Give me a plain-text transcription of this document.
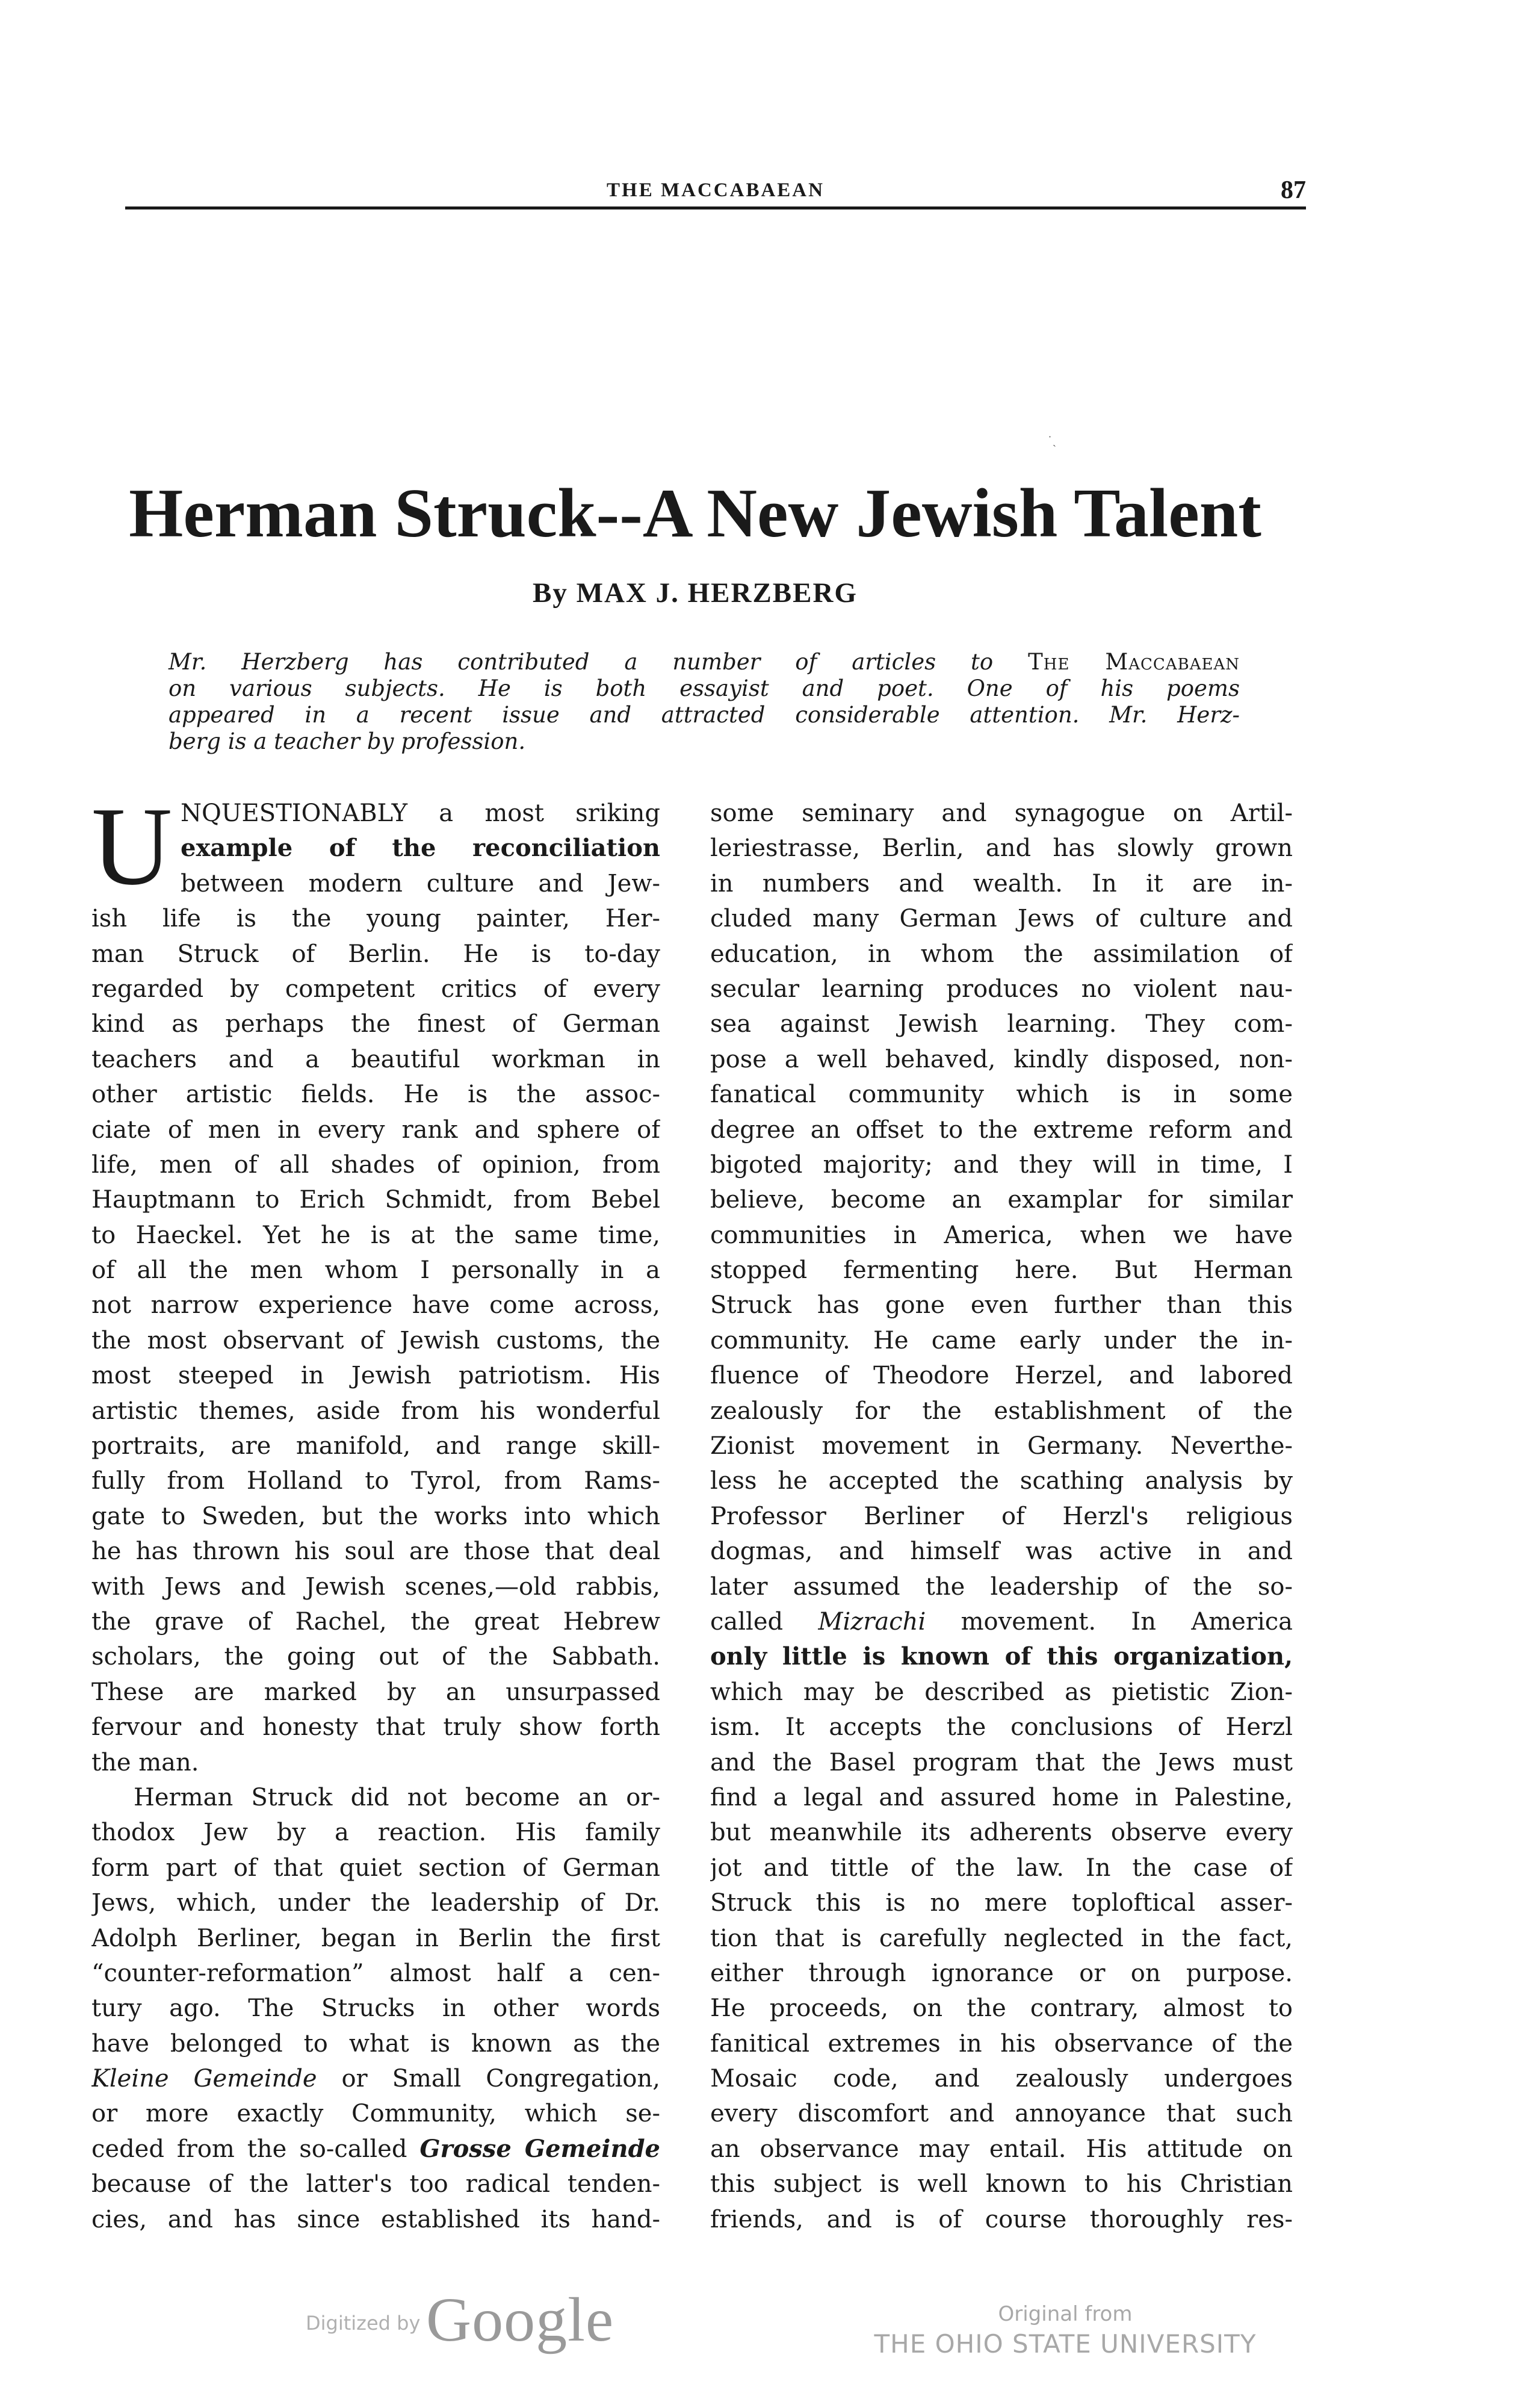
THE MACCABAEAN	87
˙ˏ
Herman Struck--A New Jewish Talent
By MAX J. HERZBERG
Mr. Herzberg has contributed a number of articles to The Maccabaean
on various subjects. He is both essayist and poet. One of his poems
appeared in a recent issue and attracted considerable attention. Mr. Herz-
berg is a teacher by profession.
U NQUESTIONABLY a most sriking
example of the reconciliation
between modern culture and Jew-
ish life is the young painter, Her-
man Struck of Berlin. He is to-day
regarded by competent critics of every
kind as perhaps the finest of German
teachers and a beautiful workman in
other artistic fields. He is the assoc-
ciate of men in every rank and sphere of
life, men of all shades of opinion, from
Hauptmann to Erich Schmidt, from Bebel
to Haeckel. Yet he is at the same time,
of all the men whom I personally in a
not narrow experience have come across,
the most observant of Jewish customs, the
most steeped in Jewish patriotism. His
artistic themes, aside from his wonderful
portraits, are manifold, and range skill-
fully from Holland to Tyrol, from Rams-
gate to Sweden, but the works into which
he has thrown his soul are those that deal
with Jews and Jewish scenes,—old rabbis,
the grave of Rachel, the great Hebrew
scholars, the going out of the Sabbath.
These are marked by an unsurpassed
fervour and honesty that truly show forth
the man.
Herman Struck did not become an or-
thodox Jew by a reaction. His family
form part of that quiet section of German
Jews, which, under the leadership of Dr.
Adolph Berliner, began in Berlin the first
“counter-reformation” almost half a cen-
tury ago. The Strucks in other words
have belonged to what is known as the
Kleine Gemeinde or Small Congregation,
or more exactly Community, which se-
ceded from the so-called Grosse Gemeinde
because of the latter's too radical tenden-
cies, and has since established its hand-
some seminary and synagogue on Artil-
leriestrasse, Berlin, and has slowly grown
in numbers and wealth. In it are in-
cluded many German Jews of culture and
education, in whom the assimilation of
secular learning produces no violent nau-
sea against Jewish learning. They com-
pose a well behaved, kindly disposed, non-
fanatical community which is in some
degree an offset to the extreme reform and
bigoted majority; and they will in time, I
believe, become an examplar for similar
communities in America, when we have
stopped fermenting here. But Herman
Struck has gone even further than this
community. He came early under the in-
fluence of Theodore Herzel, and labored
zealously for the establishment of the
Zionist movement in Germany. Neverthe-
less he accepted the scathing analysis by
Professor Berliner of Herzl's religious
dogmas, and himself was active in and
later assumed the leadership of the so-
called Mizrachi movement. In America
only little is known of this organization,
which may be described as pietistic Zion-
ism. It accepts the conclusions of Herzl
and the Basel program that the Jews must
find a legal and assured home in Palestine,
but meanwhile its adherents observe every
jot and tittle of the law. In the case of
Struck this is no mere toploftical asser-
tion that is carefully neglected in the fact,
either through ignorance or on purpose.
He proceeds, on the contrary, almost to
fanitical extremes in his observance of the
Mosaic code, and zealously undergoes
every discomfort and annoyance that such
an observance may entail. His attitude on
this subject is well known to his Christian
friends, and is of course thoroughly res-
Digitized by Google	Original from
THE OHIO STATE UNIVERSITY
